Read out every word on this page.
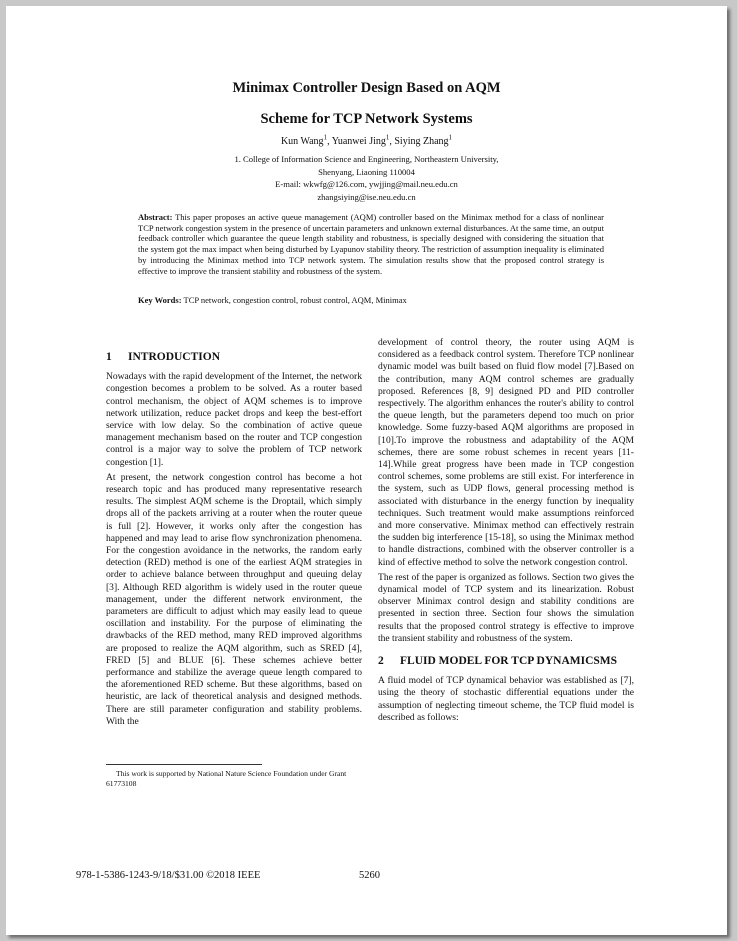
Minimax Controller Design Based on AQM
Scheme for TCP Network Systems
Kun Wang$^1$, Yuanwei Jing$^1$, Siying Zhang$^1$
1. College of Information Science and Engineering, Northeastern University,
Shenyang, Liaoning 110004
E-mail: wkwfg@126.com, ywjjing@mail.neu.edu.cn
zhangsiying@ise.neu.edu.cn
Abstract: This paper proposes an active queue management (AQM) controller based on the Minimax method for a class of nonlinear TCP network congestion system in the presence of uncertain parameters and unknown external disturbances. At the same time, an output feedback controller which guarantee the queue length stability and robustness, is specially designed with considering the situation that the system got the max impact when being disturbed by Lyapunov stability theory. The restriction of assumption inequality is eliminated by introducing the Minimax method into TCP network system. The simulation results show that the proposed control strategy is effective to improve the transient stability and robustness of the system.
Key Words: TCP network, congestion control, robust control, AQM, Minimax
1 INTRODUCTION

Nowadays with the rapid development of the Internet, the network congestion becomes a problem to be solved. As a router based control mechanism, the object of AQM schemes is to improve network utilization, reduce packet drops and keep the best-effort service with low delay. So the combination of active queue management mechanism based on the router and TCP congestion control is a major way to solve the problem of TCP network congestion [1].

At present, the network congestion control has become a hot research topic and has produced many representative research results. The simplest AQM scheme is the Droptail, which simply drops all of the packets arriving at a router when the router queue is full [2]. However, it works only after the congestion has happened and may lead to arise flow synchronization phenomena. For the congestion avoidance in the networks, the random early detection (RED) method is one of the earliest AQM strategies in order to achieve balance between throughput and queuing delay [3]. Although RED algorithm is widely used in the router queue management, under the different network environment, the parameters are difficult to adjust which may easily lead to queue oscillation and instability. For the purpose of eliminating the drawbacks of the RED method, many RED improved algorithms are proposed to realize the AQM algorithm, such as SRED [4], FRED [5] and BLUE [6]. These schemes achieve better performance and stabilize the average queue length compared to the aforementioned RED scheme. But these algorithms, based on heuristic, are lack of theoretical analysis and designed methods. There are still parameter configuration and stability problems. With the

development of control theory, the router using AQM is considered as a feedback control system. Therefore TCP nonlinear dynamic model was built based on fluid flow model [7].Based on the contribution, many AQM control schemes are gradually proposed. References [8, 9] designed PD and PID controller respectively. The algorithm enhances the router's ability to control the queue length, but the parameters depend too much on prior knowledge. Some fuzzy-based AQM algorithms are proposed in [10].To improve the robustness and adaptability of the AQM schemes, there are some robust schemes in recent years [11-14].While great progress have been made in TCP congestion control schemes, some problems are still exist. For interference in the system, such as UDP flows, general processing method is associated with disturbance in the energy function by inequality techniques. Such treatment would make assumptions reinforced and more conservative. Minimax method can effectively restrain the sudden big interference [15-18], so using the Minimax method to handle distractions, combined with the observer controller is a kind of effective method to solve the network congestion control.

The rest of the paper is organized as follows. Section two gives the dynamical model of TCP system and its linearization. Robust observer Minimax control design and stability conditions are presented in section three. Section four shows the simulation results that the proposed control strategy is effective to improve the transient stability and robustness of the system.

2 FLUID MODEL FOR TCP DYNAMICSMS

A fluid model of TCP dynamical behavior was established as [7], using the theory of stochastic differential equations under the assumption of neglecting timeout scheme, the TCP fluid model is described as follows:

This work is supported by National Nature Science Foundation under Grant 61773108
978-1-5386-1243-9/18/$31.00 ©2018 IEEE	5260
